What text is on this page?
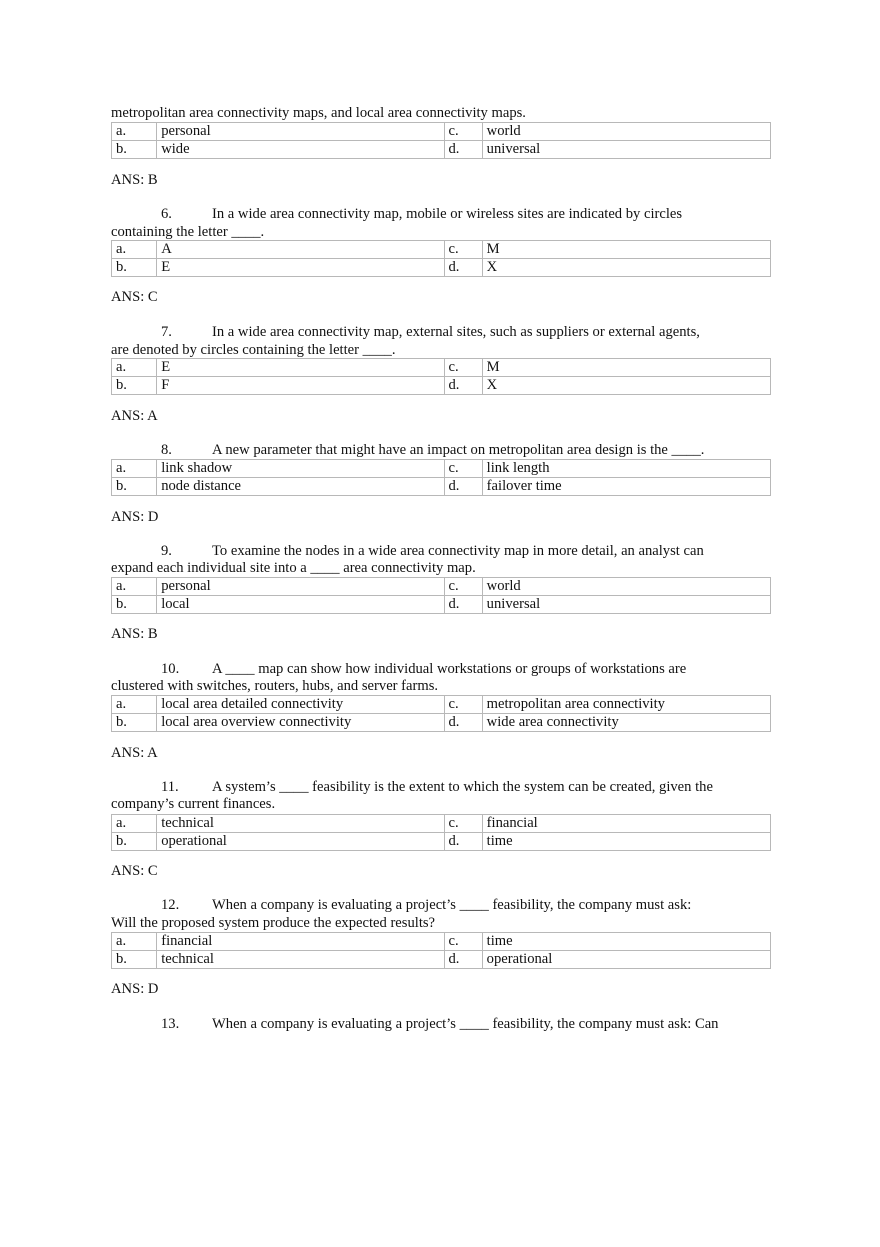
metropolitan area connectivity maps, and local area connectivity maps.
a.	personal	c.	world
b.	wide	d.	universal
ANS: B
6.	In a wide area connectivity map, mobile or wireless sites are indicated by circles
containing the letter ____.
a.	A	c.	M
b.	E	d.	X
ANS: C
7.	In a wide area connectivity map, external sites, such as suppliers or external agents,
are denoted by circles containing the letter ____.
a.	E	c.	M
b.	F	d.	X
ANS: A
8.	A new parameter that might have an impact on metropolitan area design is the ____.
a.	link shadow	c.	link length
b.	node distance	d.	failover time
ANS: D
9.	To examine the nodes in a wide area connectivity map in more detail, an analyst can
expand each individual site into a ____ area connectivity map.
a.	personal	c.	world
b.	local	d.	universal
ANS: B
10. A ____ map can show how individual workstations or groups of workstations are
clustered with switches, routers, hubs, and server farms.
a.	local area detailed connectivity	c.	metropolitan area connectivity
b.	local area overview connectivity	d.	wide area connectivity
ANS: A
11. A system’s ____ feasibility is the extent to which the system can be created, given the
company’s current finances.
a.	technical	c.	financial
b.	operational	d.	time
ANS: C
12. When a company is evaluating a project’s ____ feasibility, the company must ask:
Will the proposed system produce the expected results?
a.	financial	c.	time
b.	technical	d.	operational
ANS: D
13. When a company is evaluating a project’s ____ feasibility, the company must ask: Can
